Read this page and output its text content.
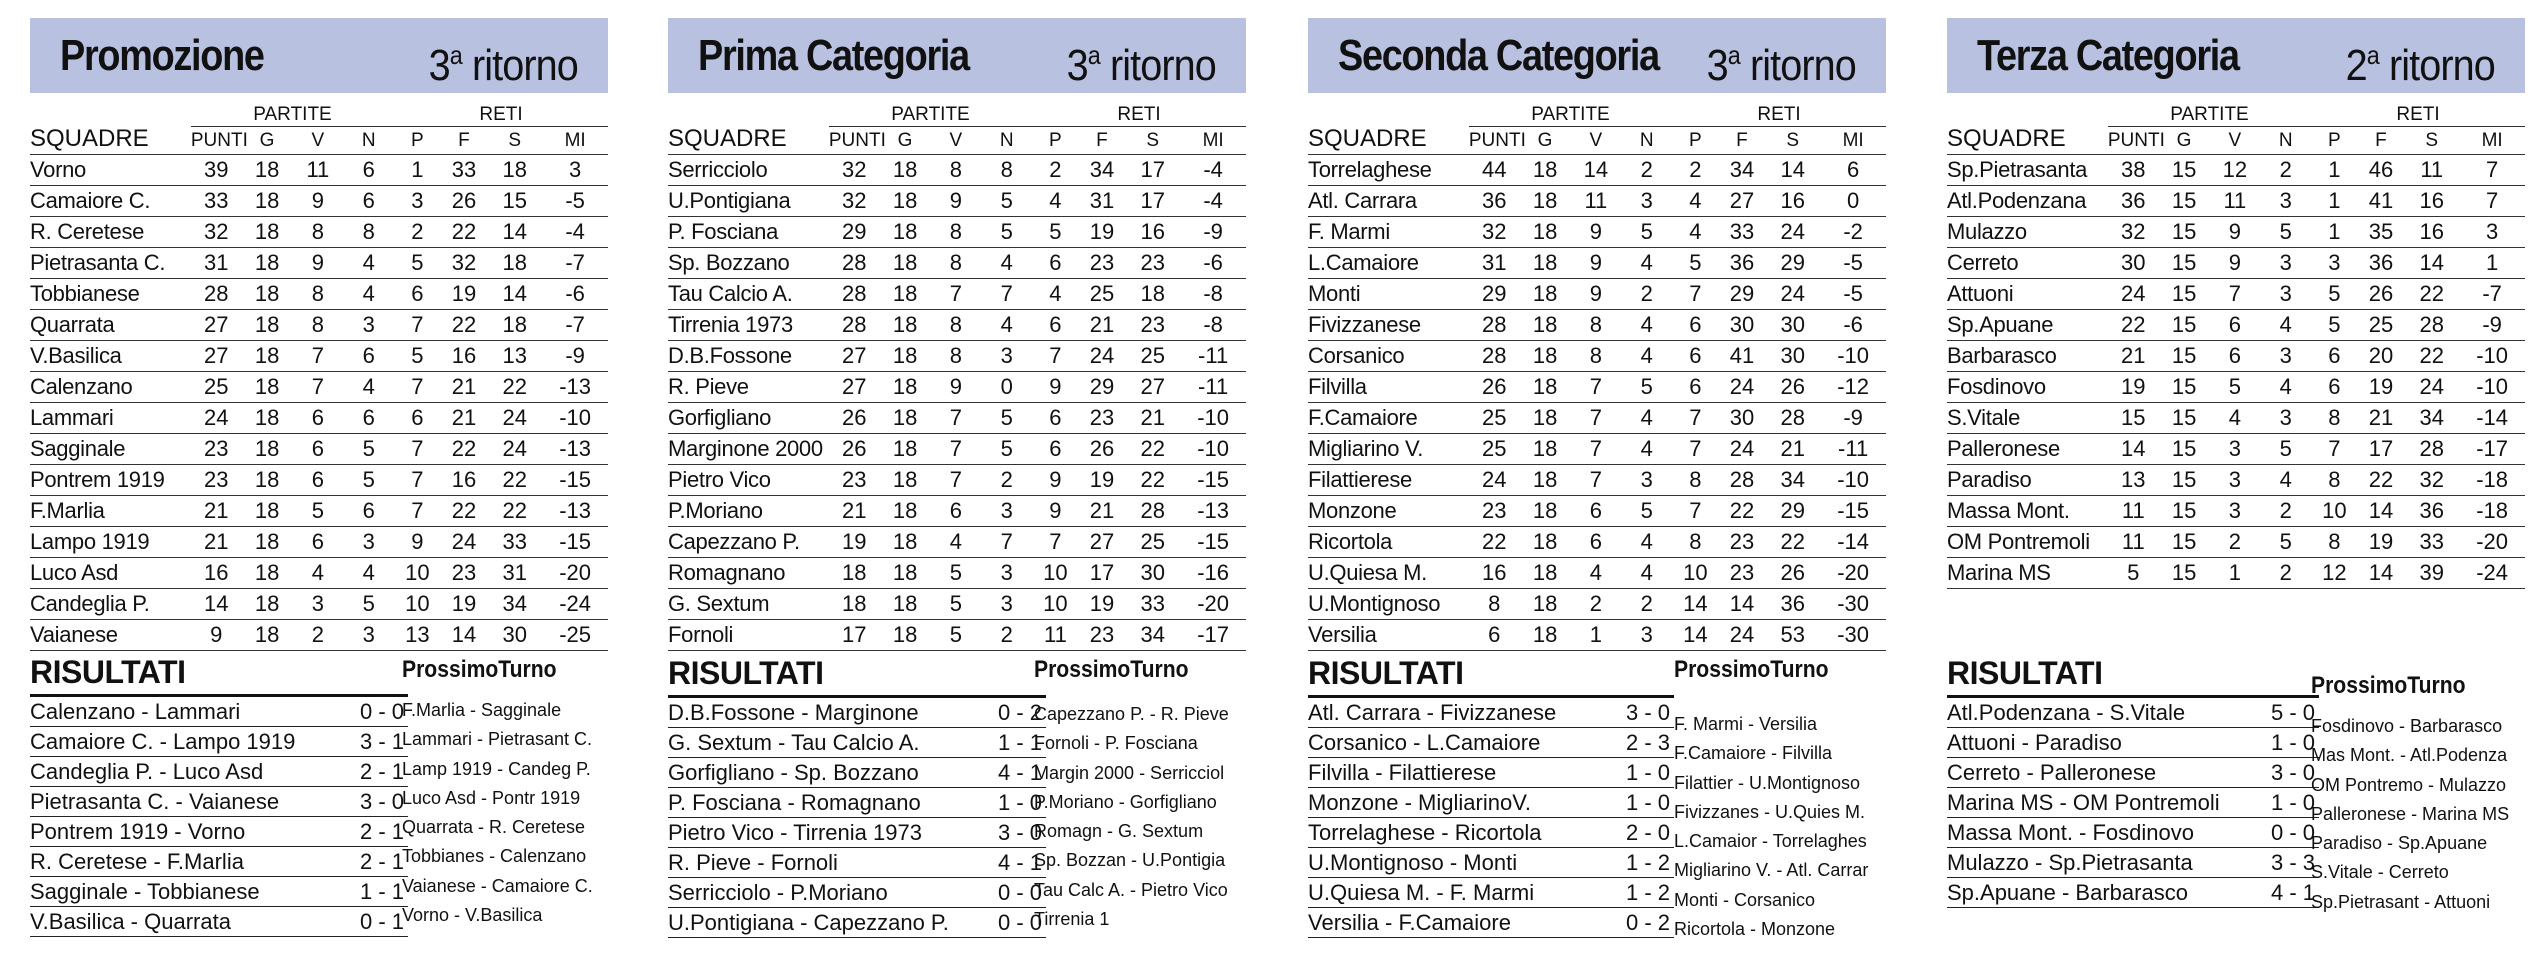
Promozione	3$^a$ ritorno
SQUADRE	PARTITE				RETI			
	PUNTI	G	V	N	P	F	S	MI
Vorno	39	18	11	6	1	33	18	3
Camaiore C.	33	18	9	6	3	26	15	-5
R. Ceretese	32	18	8	8	2	22	14	-4
Pietrasanta C.	31	18	9	4	5	32	18	-7
Tobbianese	28	18	8	4	6	19	14	-6
Quarrata	27	18	8	3	7	22	18	-7
V.Basilica	27	18	7	6	5	16	13	-9
Calenzano	25	18	7	4	7	21	22	-13
Lammari	24	18	6	6	6	21	24	-10
Sagginale	23	18	6	5	7	22	24	-13
Pontrem 1919	23	18	6	5	7	16	22	-15
F.Marlia	21	18	5	6	7	22	22	-13
Lampo 1919	21	18	6	3	9	24	33	-15
Luco Asd	16	18	4	4	10	23	31	-20
Candeglia P.	14	18	3	5	10	19	34	-24
Vaianese	9	18	2	3	13	14	30	-25
RISULTATI
Calenzano - Lammari	0 - 0
Camaiore C. - Lampo 1919	3 - 1
Candeglia P. - Luco Asd	2 - 1
Pietrasanta C. - Vaianese	3 - 0
Pontrem 1919 - Vorno	2 - 1
R. Ceretese - F.Marlia	2 - 1
Sagginale - Tobbianese	1 - 1
V.Basilica - Quarrata	0 - 1
ProssimoTurno
F.Marlia - Sagginale
Lammari - Pietrasant C.
Lamp 1919 - Candeg P.
Luco Asd - Pontr 1919
Quarrata - R. Ceretese
Tobbianes - Calenzano
Vaianese - Camaiore C.
Vorno - V.Basilica
Prima Categoria 3$^a$ ritorno
SQUADRE	PARTITE				RETI			
	PUNTI	G	V	N	P	F	S	MI
Serricciolo	32	18	8	8	2	34	17	-4
U.Pontigiana	32	18	9	5	4	31	17	-4
P. Fosciana	29	18	8	5	5	19	16	-9
Sp. Bozzano	28	18	8	4	6	23	23	-6
Tau Calcio A.	28	18	7	7	4	25	18	-8
Tirrenia 1973	28	18	8	4	6	21	23	-8
D.B.Fossone	27	18	8	3	7	24	25	-11
R. Pieve	27	18	9	0	9	29	27	-11
Gorfigliano	26	18	7	5	6	23	21	-10
Marginone 2000	26	18	7	5	6	26	22	-10
Pietro Vico	23	18	7	2	9	19	22	-15
P.Moriano	21	18	6	3	9	21	28	-13
Capezzano P.	19	18	4	7	7	27	25	-15
Romagnano	18	18	5	3	10	17	30	-16
G. Sextum	18	18	5	3	10	19	33	-20
Fornoli	17	18	5	2	11	23	34	-17
RISULTATI
D.B.Fossone - Marginone	0 - 2
G. Sextum - Tau Calcio A.	1 - 1
Gorfigliano - Sp. Bozzano	4 - 1
P. Fosciana - Romagnano	1 - 0
Pietro Vico - Tirrenia 1973	3 - 0
R. Pieve - Fornoli	4 - 1
Serricciolo - P.Moriano	0 - 0
U.Pontigiana - Capezzano P. 0 - 0
ProssimoTurno
Capezzano P. - R. Pieve
Fornoli - P. Fosciana
Margin 2000 - Serricciol
P.Moriano - Gorfigliano
Romagn - G. Sextum
Sp. Bozzan - U.Pontigia
Tau Calc A. - Pietro Vico
Tirrenia 1
Seconda Categoria 3$^a$ ritorno
SQUADRE	PARTITE				RETI			
	PUNTI	G	V	N	P	F	S	MI
Torrelaghese	44	18	14	2	2	34	14	6
Atl. Carrara	36	18	11	3	4	27	16	0
F. Marmi	32	18	9	5	4	33	24	-2
L.Camaiore	31	18	9	4	5	36	29	-5
Monti	29	18	9	2	7	29	24	-5
Fivizzanese	28	18	8	4	6	30	30	-6
Corsanico	28	18	8	4	6	41	30	-10
Filvilla	26	18	7	5	6	24	26	-12
F.Camaiore	25	18	7	4	7	30	28	-9
Migliarino V.	25	18	7	4	7	24	21	-11
Filattierese	24	18	7	3	8	28	34	-10
Monzone	23	18	6	5	7	22	29	-15
Ricortola	22	18	6	4	8	23	22	-14
U.Quiesa M.	16	18	4	4	10	23	26	-20
U.Montignoso	8	18	2	2	14	14	36	-30
Versilia	6	18	1	3	14	24	53	-30
RISULTATI
Atl. Carrara - Fivizzanese	3 - 0
Corsanico - L.Camaiore	2 - 3
Filvilla - Filattierese	1 - 0
Monzone - MigliarinoV.	1 - 0
Torrelaghese - Ricortola	2 - 0
U.Montignoso - Monti	1 - 2
U.Quiesa M. - F. Marmi	1 - 2
Versilia - F.Camaiore	0 - 2
ProssimoTurno
F. Marmi - Versilia
F.Camaiore - Filvilla
Filattier - U.Montignoso
Fivizzanes - U.Quies M.
L.Camaior - Torrelaghes
Migliarino V. - Atl. Carrar
Monti - Corsanico
Ricortola - Monzone
Terza Categoria 2$^a$ ritorno
SQUADRE	PARTITE				RETI			
	PUNTI	G	V	N	P	F	S	MI
Sp.Pietrasanta	38	15	12	2	1	46	11	7
Atl.Podenzana	36	15	11	3	1	41	16	7
Mulazzo	32	15	9	5	1	35	16	3
Cerreto	30	15	9	3	3	36	14	1
Attuoni	24	15	7	3	5	26	22	-7
Sp.Apuane	22	15	6	4	5	25	28	-9
Barbarasco	21	15	6	3	6	20	22	-10
Fosdinovo	19	15	5	4	6	19	24	-10
S.Vitale	15	15	4	3	8	21	34	-14
Palleronese	14	15	3	5	7	17	28	-17
Paradiso	13	15	3	4	8	22	32	-18
Massa Mont.	11	15	3	2	10	14	36	-18
OM Pontremoli	11	15	2	5	8	19	33	-20
Marina MS	5	15	1	2	12	14	39	-24
RISULTATI
Atl.Podenzana - S.Vitale	5 - 0
Attuoni - Paradiso	1 - 0
Cerreto - Palleronese	3 - 0
Marina MS - OM Pontremoli 1 - 0
Massa Mont. - Fosdinovo	0 - 0
Mulazzo - Sp.Pietrasanta	3 - 3
Sp.Apuane - Barbarasco	4 - 1
ProssimoTurno
Fosdinovo - Barbarasco
Mas Mont. - Atl.Podenza
OM Pontremo - Mulazzo
Palleronese - Marina MS
Paradiso - Sp.Apuane
S.Vitale - Cerreto
Sp.Pietrasant - Attuoni
